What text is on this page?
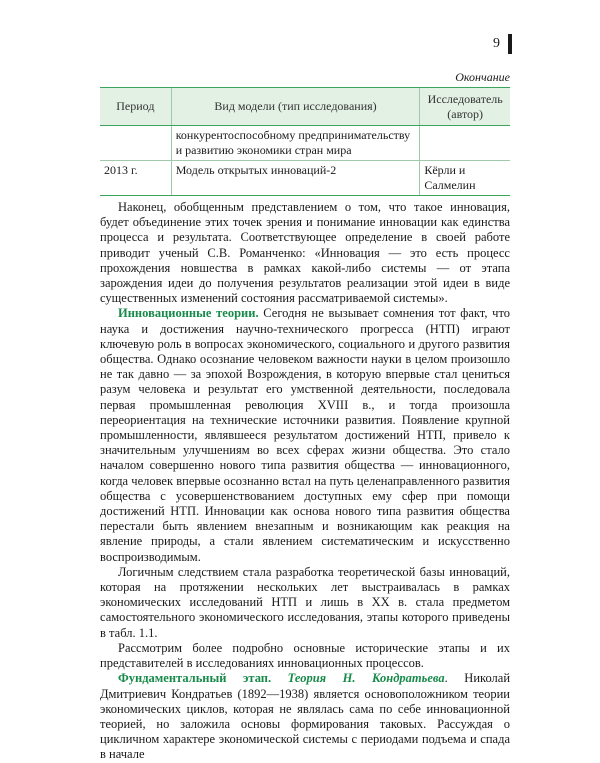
9
Окончание
Период	Вид модели (тип исследования)	Исследователь (автор)
	конкурентоспособному предпринимательству и развитию экономики стран мира	
2013 г.	Модель открытых инноваций-2	Кёрли и Салмелин

Наконец, обобщенным представлением о том, что такое инновация, будет объединение этих точек зрения и понимание инновации как единства процесса и результата. Соответствующее определение в своей работе приводит ученый С.В. Романченко: «Инновация — это есть процесс прохождения новшества в рамках какой-либо системы — от этапа зарождения идеи до получения результатов реализации этой идеи в виде существенных изменений состояния рассматриваемой системы».

Инновационные теории. Сегодня не вызывает сомнения тот факт, что наука и достижения научно-технического прогресса (НТП) играют ключевую роль в вопросах экономического, социального и другого развития общества. Однако осознание человеком важности науки в целом произошло не так давно — за эпохой Возрождения, в которую впервые стал цениться разум человека и результат его умственной деятельности, последовала первая промышленная революция XVIII в., и тогда произошла переориентация на технические источники развития. Появление крупной промышленности, являвшееся результатом достижений НТП, привело к значительным улучшениям во всех сферах жизни общества. Это стало началом совершенно нового типа развития общества — инновационного, когда человек впервые осознанно встал на путь целенаправленного развития общества с усовершенствованием доступных ему сфер при помощи достижений НТП. Инновации как основа нового типа развития общества перестали быть явлением внезапным и возникающим как реакция на явление природы, а стали явлением систематическим и искусственно воспроизводимым.

Логичным следствием стала разработка теоретической базы инноваций, которая на протяжении нескольких лет выстраивалась в рамках экономических исследований НТП и лишь в XX в. стала предметом самостоятельного экономического исследования, этапы которого приведены в табл. 1.1.

Рассмотрим более подробно основные исторические этапы и их представителей в исследованиях инновационных процессов.

Фундаментальный этап. Теория Н. Кондратьева. Николай Дмитриевич Кондратьев (1892—1938) является основоположником теории экономических циклов, которая не являлась сама по себе инновационной теорией, но заложила основы формирования таковых. Рассуждая о цикличном характере экономической системы с периодами подъема и спада в начале
